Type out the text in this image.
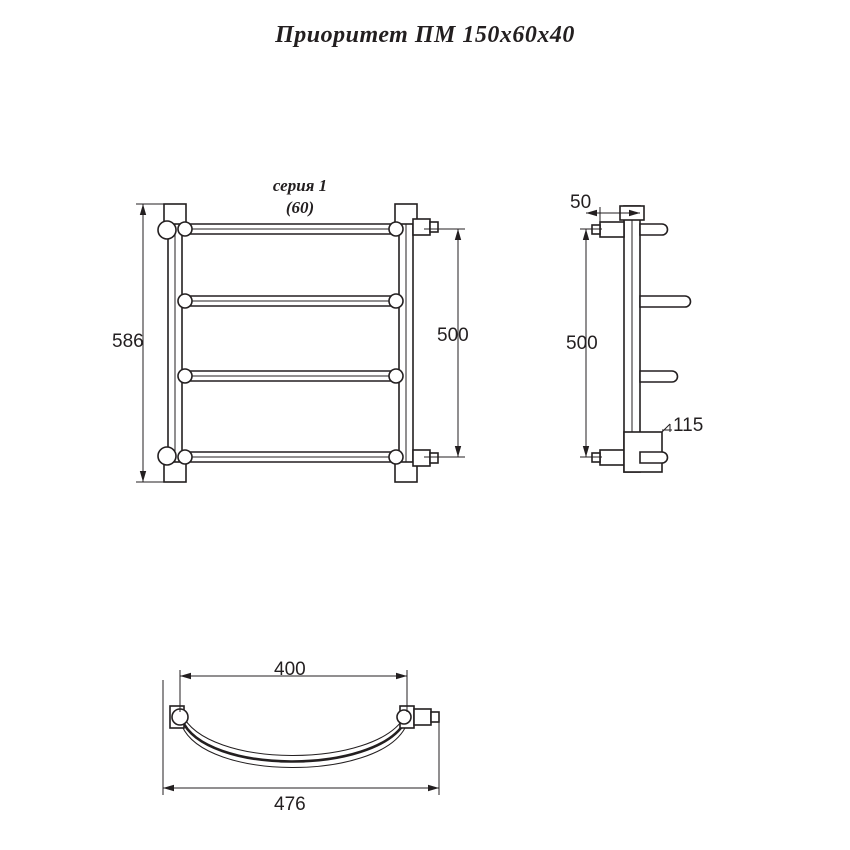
Приоритет ПМ 150х60х40
серия 1
(60)
586	500
50
500
115
400
476
